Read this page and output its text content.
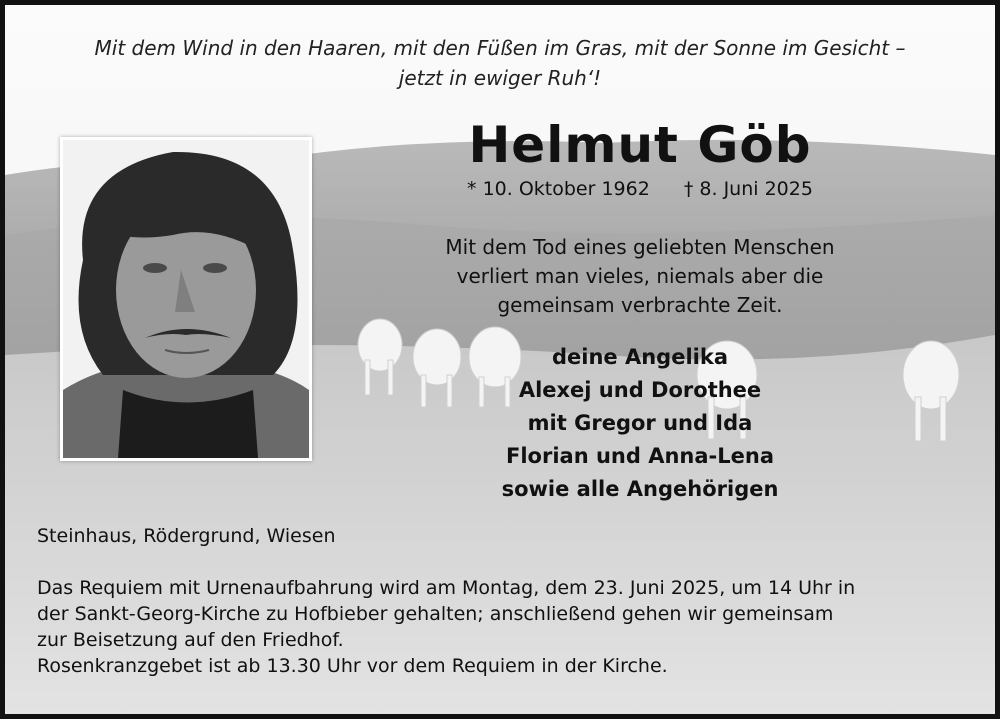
Mit dem Wind in den Haaren, mit den Füßen im Gras, mit der Sonne im Gesicht –
jetzt in ewiger Ruh‘!
Helmut Göb
* 10. Oktober 1962 † 8. Juni 2025
Mit dem Tod eines geliebten Menschen
verliert man vieles, niemals aber die
gemeinsam verbrachte Zeit.
deine Angelika
Alexej und Dorothee
mit Gregor und Ida
Florian und Anna-Lena
sowie alle Angehörigen
Steinhaus, Rödergrund, Wiesen
Das Requiem mit Urnenaufbahrung wird am Montag, dem 23. Juni 2025, um 14 Uhr in
der Sankt-Georg-Kirche zu Hofbieber gehalten; anschließend gehen wir gemeinsam
zur Beisetzung auf den Friedhof.
Rosenkranzgebet ist ab 13.30 Uhr vor dem Requiem in der Kirche.
